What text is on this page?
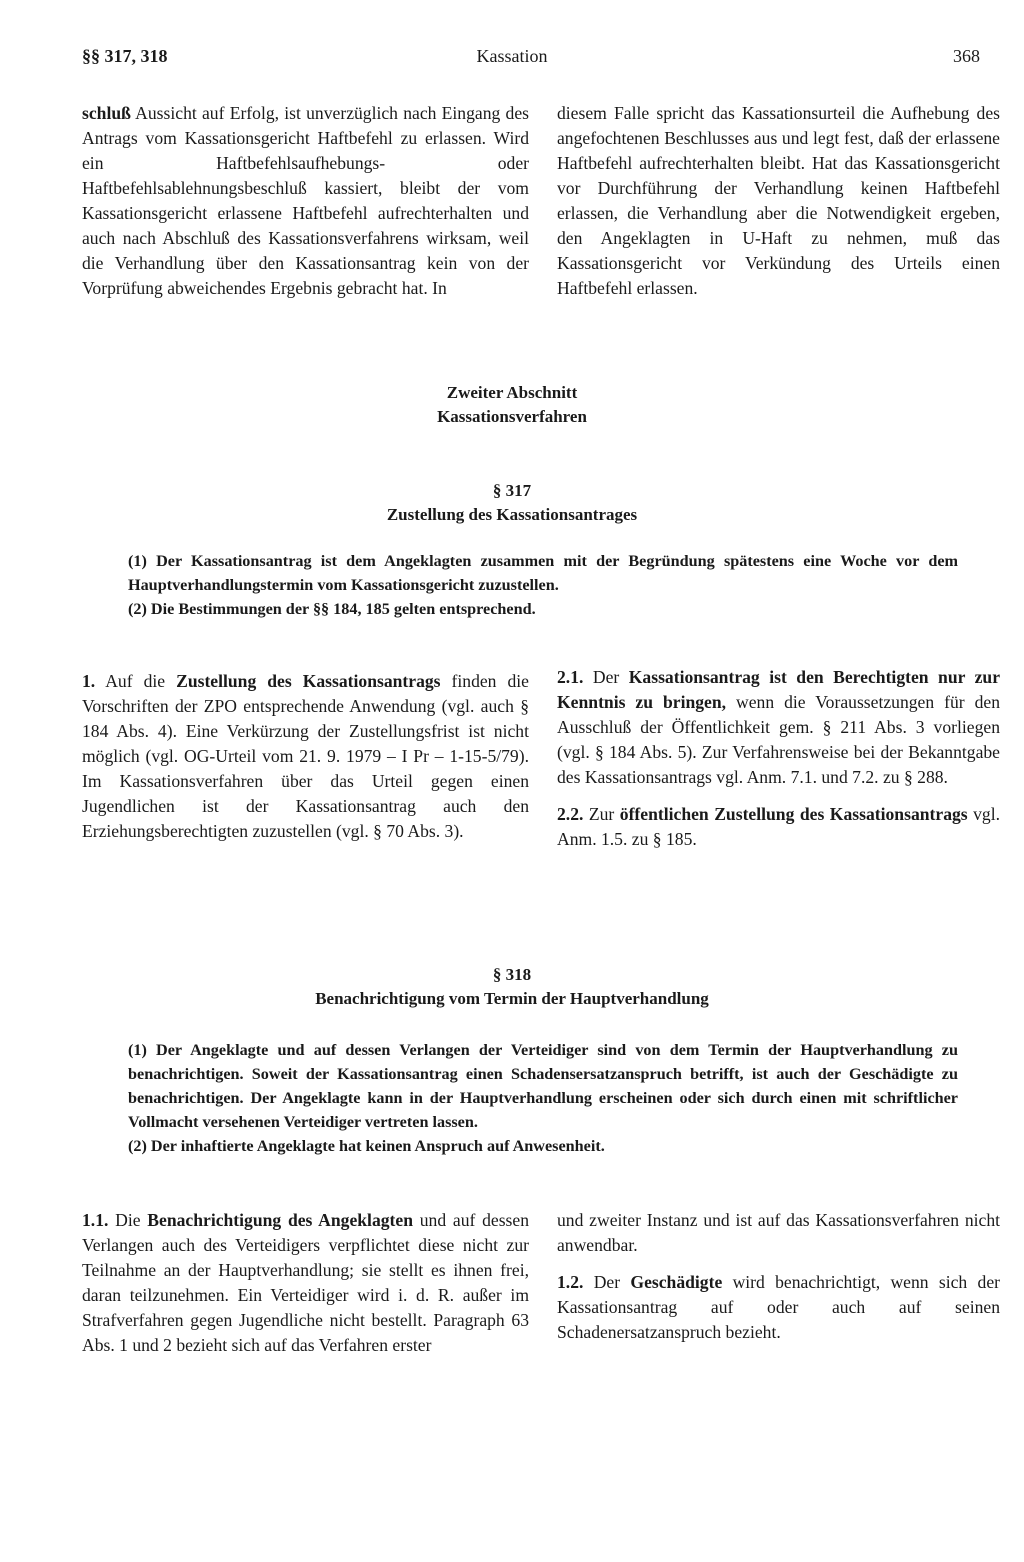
§§ 317, 318	Kassation	368

schluß Aussicht auf Erfolg, ist unverzüglich nach Eingang des Antrags vom Kassationsgericht Haftbefehl zu erlassen. Wird ein Haftbefehlsaufhebungs- oder Haftbefehlsablehnungsbeschluß kassiert, bleibt der vom Kassationsgericht erlassene Haftbefehl aufrechterhalten und auch nach Abschluß des Kassationsverfahrens wirksam, weil die Verhandlung über den Kassationsantrag kein von der Vorprüfung abweichendes Ergebnis gebracht hat. In

diesem Falle spricht das Kassationsurteil die Aufhebung des angefochtenen Beschlusses aus und legt fest, daß der erlassene Haftbefehl aufrechterhalten bleibt. Hat das Kassationsgericht vor Durchführung der Verhandlung keinen Haftbefehl erlassen, die Verhandlung aber die Notwendigkeit ergeben, den Angeklagten in U-Haft zu nehmen, muß das Kassationsgericht vor Verkündung des Urteils einen Haftbefehl erlassen.

Zweiter Abschnitt
Kassationsverfahren
§ 317
Zustellung des Kassationsantrages

(1) Der Kassationsantrag ist dem Angeklagten zusammen mit der Begründung spätestens eine Woche vor dem Hauptverhandlungstermin vom Kassationsgericht zuzustellen.

(2) Die Bestimmungen der §§ 184, 185 gelten entsprechend.

1. Auf die Zustellung des Kassationsantrags finden die Vorschriften der ZPO entsprechende Anwendung (vgl. auch § 184 Abs. 4). Eine Verkürzung der Zustellungsfrist ist nicht möglich (vgl. OG-Urteil vom 21. 9. 1979 – I Pr – 1-15-5/79). Im Kassationsverfahren über das Urteil gegen einen Jugendlichen ist der Kassationsantrag auch den Erziehungsberechtigten zuzustellen (vgl. § 70 Abs. 3).

2.1. Der Kassationsantrag ist den Berechtigten nur zur Kenntnis zu bringen, wenn die Voraussetzungen für den Ausschluß der Öffentlichkeit gem. § 211 Abs. 3 vorliegen (vgl. § 184 Abs. 5). Zur Verfahrensweise bei der Bekanntgabe des Kassationsantrags vgl. Anm. 7.1. und 7.2. zu § 288.

2.2. Zur öffentlichen Zustellung des Kassationsantrags vgl. Anm. 1.5. zu § 185.

§ 318
Benachrichtigung vom Termin der Hauptverhandlung

(1) Der Angeklagte und auf dessen Verlangen der Verteidiger sind von dem Termin der Hauptverhandlung zu benachrichtigen. Soweit der Kassationsantrag einen Schadensersatzanspruch betrifft, ist auch der Geschädigte zu benachrichtigen. Der Angeklagte kann in der Hauptverhandlung erscheinen oder sich durch einen mit schriftlicher Vollmacht versehenen Verteidiger vertreten lassen.

(2) Der inhaftierte Angeklagte hat keinen Anspruch auf Anwesenheit.

1.1. Die Benachrichtigung des Angeklagten und auf dessen Verlangen auch des Verteidigers verpflichtet diese nicht zur Teilnahme an der Hauptverhandlung; sie stellt es ihnen frei, daran teilzunehmen. Ein Verteidiger wird i. d. R. außer im Strafverfahren gegen Jugendliche nicht bestellt. Paragraph 63 Abs. 1 und 2 bezieht sich auf das Verfahren erster

und zweiter Instanz und ist auf das Kassationsverfahren nicht anwendbar.

1.2. Der Geschädigte wird benachrichtigt, wenn sich der Kassationsantrag auf oder auch auf seinen Schadenersatzanspruch bezieht.
